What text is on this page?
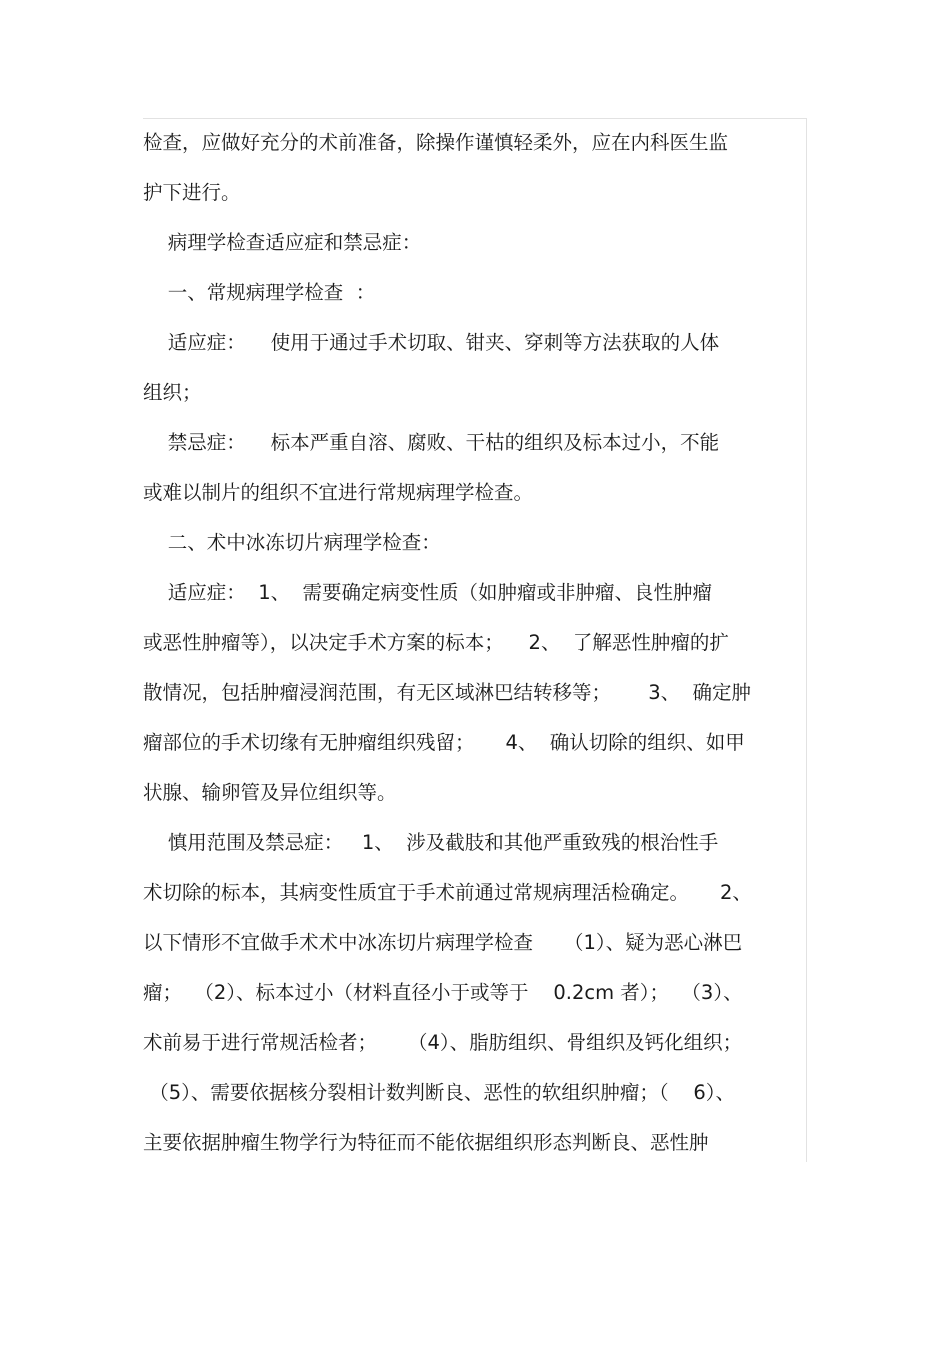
检查，应做好充分的术前准备，除操作谨慎轻柔外，应在内科医生监
护下进行。
病理学检查适应症和禁忌症：
一、常规病理学检查  ：
适应症：    使用于通过手术切取、钳夹、穿刺等方法获取的人体
组织；
禁忌症：    标本严重自溶、腐败、干枯的组织及标本过小，不能
或难以制片的组织不宜进行常规病理学检查。
二、术中冰冻切片病理学检查：
适应症：  1、  需要确定病变性质（如肿瘤或非肿瘤、良性肿瘤
或恶性肿瘤等），以决定手术方案的标本；    2、  了解恶性肿瘤的扩
散情况，包括肿瘤浸润范围，有无区域淋巴结转移等；      3、  确定肿
瘤部位的手术切缘有无肿瘤组织残留；     4、  确认切除的组织、如甲
状腺、输卵管及异位组织等。
慎用范围及禁忌症：   1、  涉及截肢和其他严重致残的根治性手
术切除的标本，其病变性质宜于手术前通过常规病理活检确定。     2、
以下情形不宜做手术术中冰冻切片病理学检查     （1）、疑为恶心淋巴
瘤；  （2）、标本过小（材料直径小于或等于    0.2cm 者）；  （3）、
术前易于进行常规活检者；     （4）、脂肪组织、骨组织及钙化组织；
（5）、需要依据核分裂相计数判断良、恶性的软组织肿瘤；（    6）、
主要依据肿瘤生物学行为特征而不能依据组织形态判断良、恶性肿
